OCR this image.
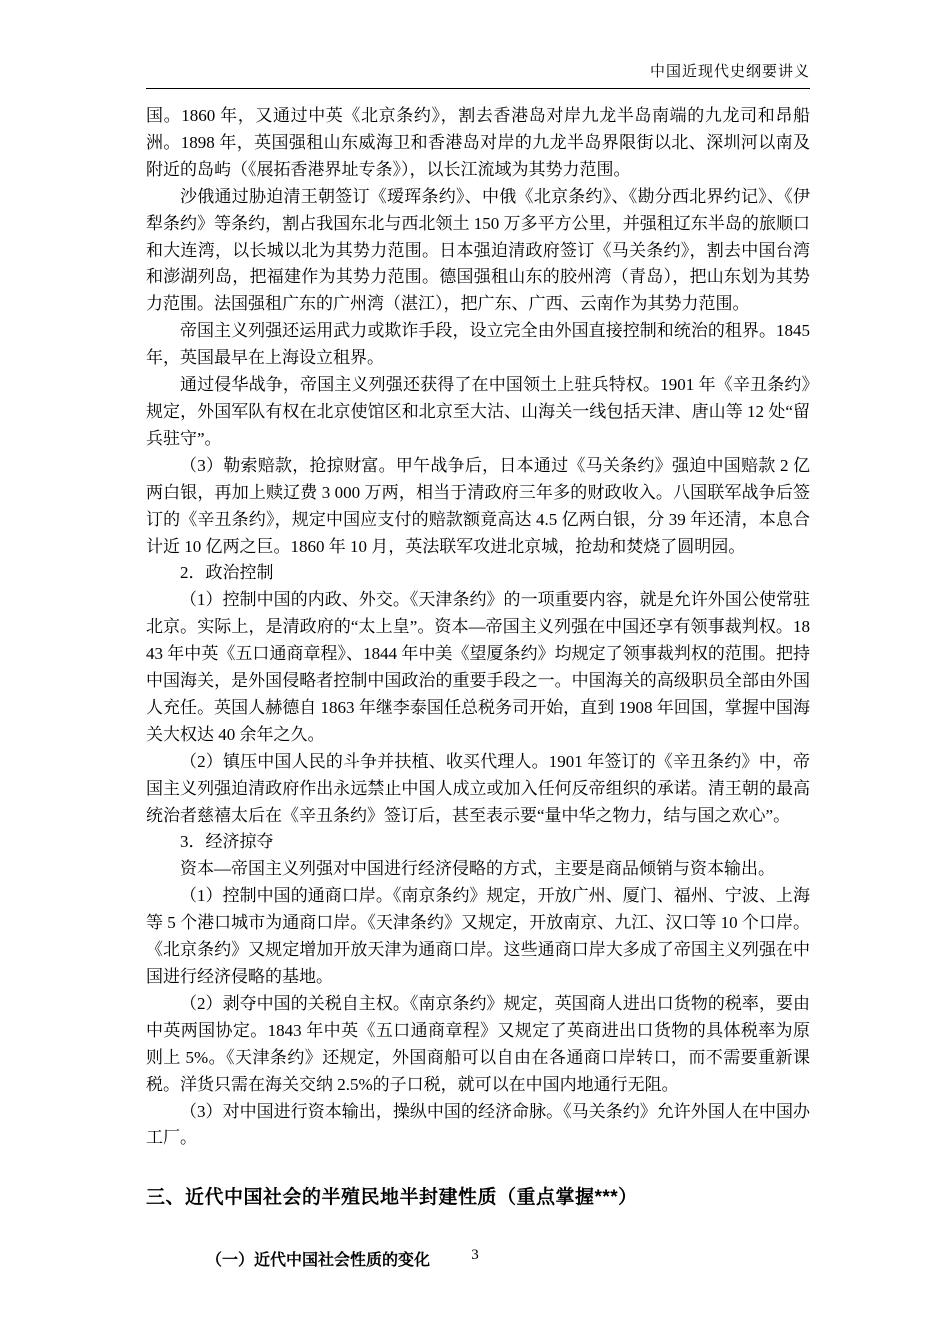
中国近现代史纲要讲义

国。1860 年，又通过中英《北京条约》，割去香港岛对岸九龙半岛南端的九龙司和昂船洲。1898 年，英国强租山东威海卫和香港岛对岸的九龙半岛界限街以北、深圳河以南及附近的岛屿（《展拓香港界址专条》），以长江流域为其势力范围。

沙俄通过胁迫清王朝签订《瑷珲条约》、中俄《北京条约》、《勘分西北界约记》、《伊犁条约》等条约，割占我国东北与西北领土 150 万多平方公里，并强租辽东半岛的旅顺口和大连湾，以长城以北为其势力范围。日本强迫清政府签订《马关条约》，割去中国台湾和澎湖列岛，把福建作为其势力范围。德国强租山东的胶州湾（青岛），把山东划为其势力范围。法国强租广东的广州湾（湛江），把广东、广西、云南作为其势力范围。

帝国主义列强还运用武力或欺诈手段，设立完全由外国直接控制和统治的租界。1845 年，英国最早在上海设立租界。

通过侵华战争，帝国主义列强还获得了在中国领土上驻兵特权。1901 年《辛丑条约》规定，外国军队有权在北京使馆区和北京至大沽、山海关一线包括天津、唐山等 12 处“留兵驻守”。

（3）勒索赔款，抢掠财富。甲午战争后，日本通过《马关条约》强迫中国赔款 2 亿两白银，再加上赎辽费 3 000 万两，相当于清政府三年多的财政收入。八国联军战争后签订的《辛丑条约》，规定中国应支付的赔款额竟高达 4.5 亿两白银，分 39 年还清，本息合计近 10 亿两之巨。1860 年 10 月，英法联军攻进北京城，抢劫和焚烧了圆明园。

2．政治控制

（1）控制中国的内政、外交。《天津条约》的一项重要内容，就是允许外国公使常驻北京。实际上，是清政府的“太上皇”。资本—帝国主义列强在中国还享有领事裁判权。1843 年中英《五口通商章程》、1844 年中美《望厦条约》均规定了领事裁判权的范围。把持中国海关，是外国侵略者控制中国政治的重要手段之一。中国海关的高级职员全部由外国人充任。英国人赫德自 1863 年继李泰国任总税务司开始，直到 1908 年回国，掌握中国海关大权达 40 余年之久。

（2）镇压中国人民的斗争并扶植、收买代理人。1901 年签订的《辛丑条约》中，帝国主义列强迫清政府作出永远禁止中国人成立或加入任何反帝组织的承诺。清王朝的最高统治者慈禧太后在《辛丑条约》签订后，甚至表示要“量中华之物力，结与国之欢心”。

3．经济掠夺

资本—帝国主义列强对中国进行经济侵略的方式，主要是商品倾销与资本输出。

（1）控制中国的通商口岸。《南京条约》规定，开放广州、厦门、福州、宁波、上海等 5 个港口城市为通商口岸。《天津条约》又规定，开放南京、九江、汉口等 10 个口岸。《北京条约》又规定增加开放天津为通商口岸。这些通商口岸大多成了帝国主义列强在中国进行经济侵略的基地。

（2）剥夺中国的关税自主权。《南京条约》规定，英国商人进出口货物的税率，要由中英两国协定。1843 年中英《五口通商章程》又规定了英商进出口货物的具体税率为原则上 5%。《天津条约》还规定，外国商船可以自由在各通商口岸转口，而不需要重新课税。洋货只需在海关交纳 2.5%的子口税，就可以在中国内地通行无阻。

（3）对中国进行资本输出，操纵中国的经济命脉。《马关条约》允许外国人在中国办工厂。

三、近代中国社会的半殖民地半封建性质（重点掌握***）
（一）近代中国社会性质的变化	3
